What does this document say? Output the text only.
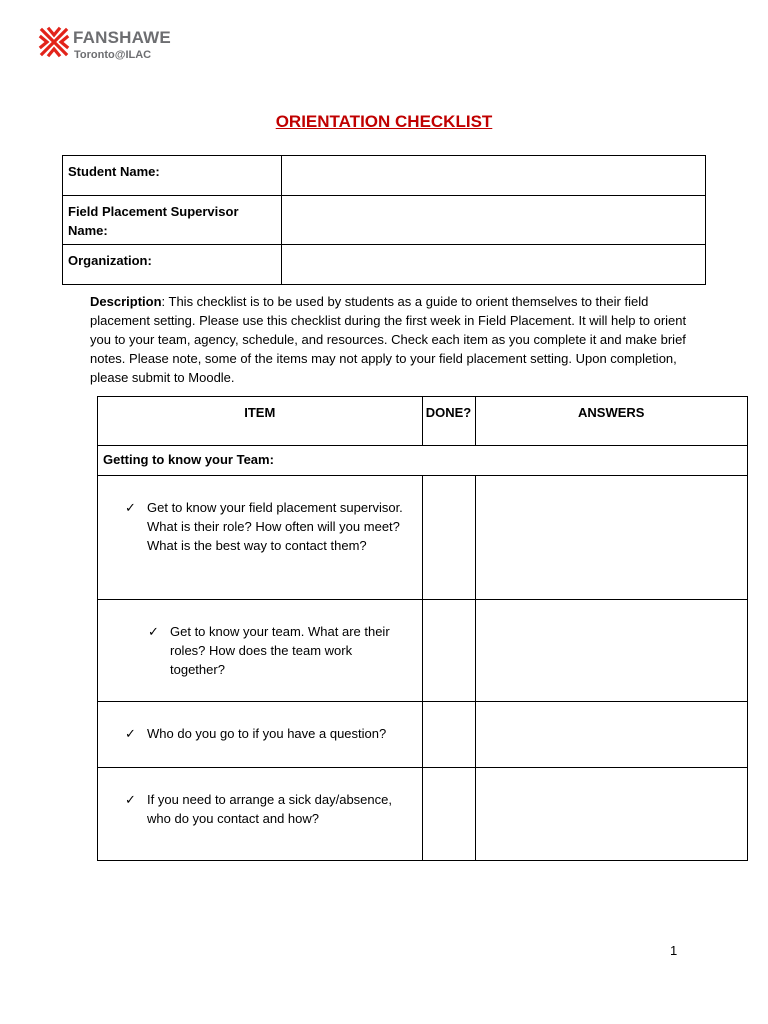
FANSHAWE
Toronto@ILAC
ORIENTATION CHECKLIST
Student Name:	
Field Placement Supervisor Name:	
Organization:	
Description: This checklist is to be used by students as a guide to orient themselves to their field placement setting. Please use this checklist during the first week in Field Placement. It will help to orient you to your team, agency, schedule, and resources. Check each item as you complete it and make brief notes. Please note, some of the items may not apply to your field placement setting. Upon completion, please submit to Moodle.
ITEM	DONE?	ANSWERS
Getting to know your Team:		

✓ Get to know your field placement supervisor. What is their role? How often will you meet? What is the best way to contact them?		

✓ Get to know your team. What are their roles? How does the team work together?		

✓ Who do you go to if you have a question?		

✓ If you need to arrange a sick day/absence, who do you contact and how?		

1
